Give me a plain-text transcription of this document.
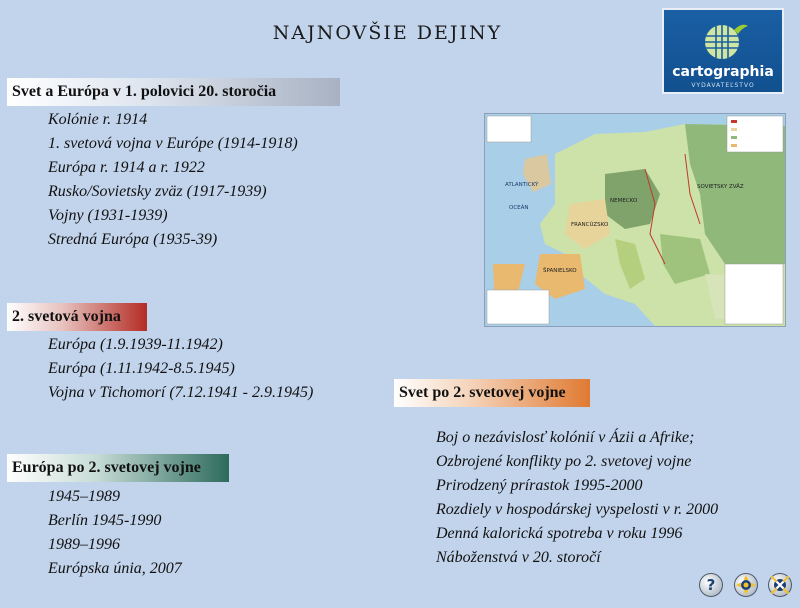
NAJNOVŠIE DEJINY
cartographia
VYDAVATEĽSTVO
Svet a Európa v 1. polovici 20. storočia
Kolónie r. 1914
1. svetová vojna v Európe (1914-1918)
Európa r. 1914 a r. 1922
Rusko/Sovietsky zväz (1917-1939)
Vojny (1931-1939)
Stredná Európa (1935-39)
2. svetová vojna
Európa (1.9.1939-11.1942)
Európa (1.11.1942-8.5.1945)
Vojna v Tichomorí (7.12.1941 - 2.9.1945)
Európa po 2. svetovej vojne
1945–1989
Berlín 1945-1990
1989–1996
Európska únia, 2007
Svet po 2. svetovej vojne
Boj o nezávislosť kolónií v Ázii a Afrike;
Ozbrojené konflikty po 2. svetovej vojne
Prirodzený prírastok 1995-2000
Rozdiely v hospodárskej vyspelosti v r. 2000
Denná kalorická spotreba v roku 1996
Náboženstvá v 20. storočí
ATLANTICKÝ
OCEÁN
SOVIETSKY ZVÄZ
NEMECKO
FRANCÚZSKO
ŠPANIELSKO
?
